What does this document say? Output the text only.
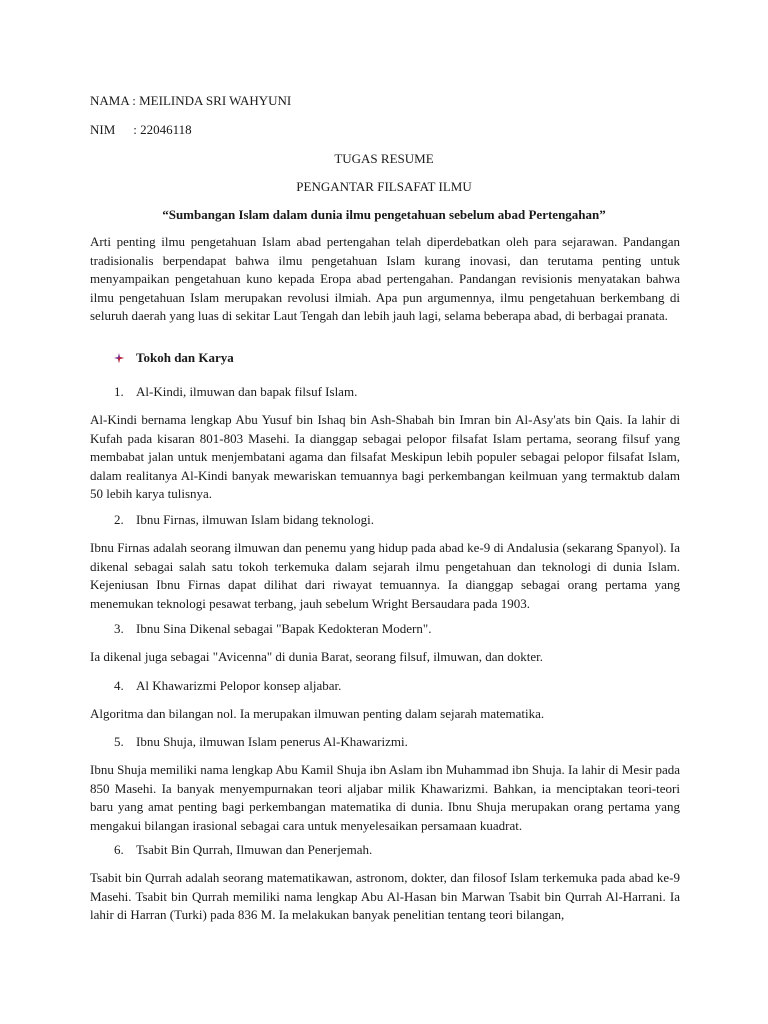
NAMA : MEILINDA SRI WAHYUNI
NIM : 22046118
TUGAS RESUME
PENGANTAR FILSAFAT ILMU
“Sumbangan Islam dalam dunia ilmu pengetahuan sebelum abad Pertengahan”
Arti penting ilmu pengetahuan Islam abad pertengahan telah diperdebatkan oleh para sejarawan. Pandangan tradisionalis berpendapat bahwa ilmu pengetahuan Islam kurang inovasi, dan terutama penting untuk menyampaikan pengetahuan kuno kepada Eropa abad pertengahan. Pandangan revisionis menyatakan bahwa ilmu pengetahuan Islam merupakan revolusi ilmiah. Apa pun argumennya, ilmu pengetahuan berkembang di seluruh daerah yang luas di sekitar Laut Tengah dan lebih jauh lagi, selama beberapa abad, di berbagai pranata.
Tokoh dan Karya
1. Al-Kindi, ilmuwan dan bapak filsuf Islam.
Al-Kindi bernama lengkap Abu Yusuf bin Ishaq bin Ash-Shabah bin Imran bin Al-Asy'ats bin Qais. Ia lahir di Kufah pada kisaran 801-803 Masehi. Ia dianggap sebagai pelopor filsafat Islam pertama, seorang filsuf yang membabat jalan untuk menjembatani agama dan filsafat Meskipun lebih populer sebagai pelopor filsafat Islam, dalam realitanya Al-Kindi banyak mewariskan temuannya bagi perkembangan keilmuan yang termaktub dalam 50 lebih karya tulisnya.
2. Ibnu Firnas, ilmuwan Islam bidang teknologi.
Ibnu Firnas adalah seorang ilmuwan dan penemu yang hidup pada abad ke-9 di Andalusia (sekarang Spanyol). Ia dikenal sebagai salah satu tokoh terkemuka dalam sejarah ilmu pengetahuan dan teknologi di dunia Islam. Kejeniusan Ibnu Firnas dapat dilihat dari riwayat temuannya. Ia dianggap sebagai orang pertama yang menemukan teknologi pesawat terbang, jauh sebelum Wright Bersaudara pada 1903.
3. Ibnu Sina Dikenal sebagai "Bapak Kedokteran Modern".
Ia dikenal juga sebagai "Avicenna" di dunia Barat, seorang filsuf, ilmuwan, dan dokter.
4. Al Khawarizmi Pelopor konsep aljabar.
Algoritma dan bilangan nol. Ia merupakan ilmuwan penting dalam sejarah matematika.
5. Ibnu Shuja, ilmuwan Islam penerus Al-Khawarizmi.
Ibnu Shuja memiliki nama lengkap Abu Kamil Shuja ibn Aslam ibn Muhammad ibn Shuja. Ia lahir di Mesir pada 850 Masehi. Ia banyak menyempurnakan teori aljabar milik Khawarizmi. Bahkan, ia menciptakan teori-teori baru yang amat penting bagi perkembangan matematika di dunia. Ibnu Shuja merupakan orang pertama yang mengakui bilangan irasional sebagai cara untuk menyelesaikan persamaan kuadrat.
6. Tsabit Bin Qurrah, Ilmuwan dan Penerjemah.
Tsabit bin Qurrah adalah seorang matematikawan, astronom, dokter, dan filosof Islam terkemuka pada abad ke-9 Masehi. Tsabit bin Qurrah memiliki nama lengkap Abu Al-Hasan bin Marwan Tsabit bin Qurrah Al-Harrani. Ia lahir di Harran (Turki) pada 836 M. Ia melakukan banyak penelitian tentang teori bilangan,
